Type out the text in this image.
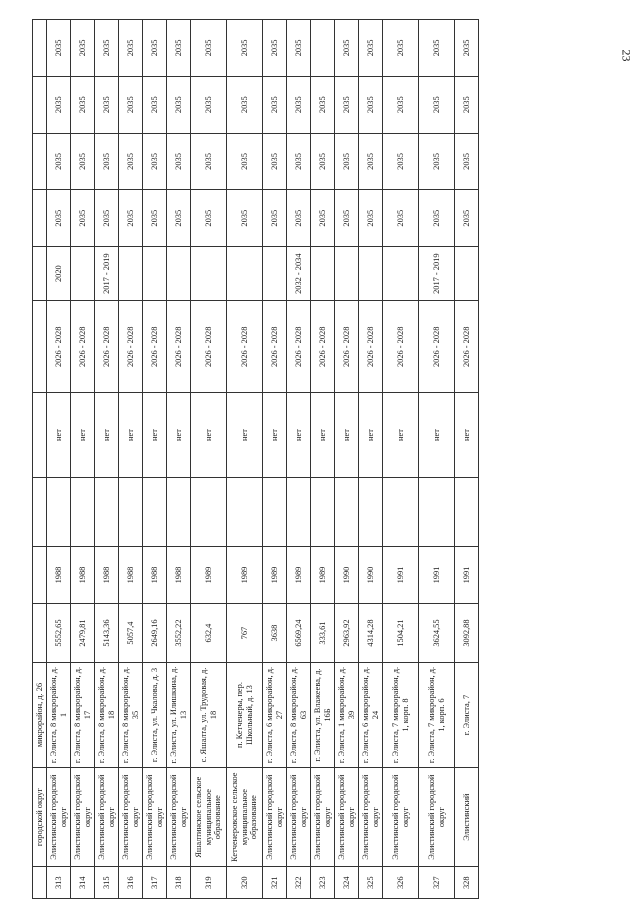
23
	городской округ	микрорайон, д. 26										
313	Элистинский городской округ	г. Элиста, 8 микрорайон, д. 1	5552,65	1988		нет	2026 - 2028	2020	2035	2035	2035	2035
314	Элистинский городской округ	г. Элиста, 8 микрорайон, д. 17	2479,81	1988		нет	2026 - 2028		2035	2035	2035	2035
315	Элистинский городской округ	г. Элиста, 8 микрорайон, д. 18	5143,36	1988		нет	2026 - 2028	2017 - 2019	2035	2035	2035	2035
316	Элистинский городской округ	г. Элиста, 8 микрорайон, д. 35	5057,4	1988		нет	2026 - 2028		2035	2035	2035	2035
317	Элистинский городской округ	г. Элиста, ул. Чкалова, д. 3	2649,16	1988		нет	2026 - 2028		2035	2035	2035	2035
318	Элистинский городской округ	г. Элиста, ул. Илишкина, д. 13	3552,22	1988		нет	2026 - 2028		2035	2035	2035	2035
319	Яшалтинское сельское муниципальное образование	с. Яшалта, ул. Трудовая, д. 18	632,4	1989		нет	2026 - 2028		2035	2035	2035	2035
320	Кетченеровское сельское муниципальное образование	п. Кетченеры, пер. Школьный, д. 13	767	1989		нет	2026 - 2028		2035	2035	2035	2035
321	Элистинский городской округ	г. Элиста, 6 микрорайон, д. 27	3638	1989		нет	2026 - 2028		2035	2035	2035	2035
322	Элистинский городской округ	г. Элиста, 8 микрорайон, д. 63	6569,24	1989		нет	2026 - 2028	2032 - 2034	2035	2035	2035	2035
323	Элистинский городской округ	г. Элиста, ул. Влажеева, д. 16Б	333,61	1989		нет	2026 - 2028		2035	2035	2035	
324	Элистинский городской округ	г. Элиста, 1 микрорайон, д. 39	2963,92	1990		нет	2026 - 2028		2035	2035	2035	2035
325	Элистинский городской округ	г. Элиста, 6 микрорайон, д. 24	4314,28	1990		нет	2026 - 2028		2035	2035	2035	2035
326	Элистинский городской округ	г. Элиста, 7 микрорайон, д. 1, корп. 8	1504,21	1991		нет	2026 - 2028		2035	2035	2035	2035
327	Элистинский городской округ	г. Элиста, 7 микрорайон, д. 1, корп. 6	3624,55	1991		нет	2026 - 2028	2017 - 2019	2035	2035	2035	2035
328	Элистинский	г. Элиста, 7	3092,88	1991		нет	2026 - 2028		2035	2035	2035	2035
